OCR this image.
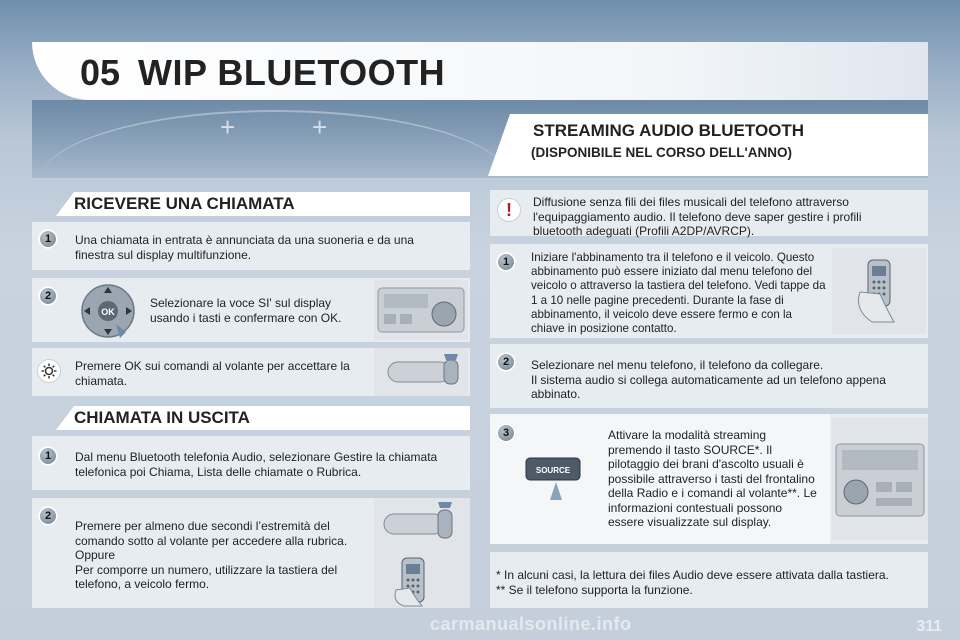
+	+
05 WIP BLUETOOTH
STREAMING AUDIO BLUETOOTH
(DISPONIBILE NEL CORSO DELL'ANNO)
RICEVERE UNA CHIAMATA
1	Una chiamata in entrata è annunciata da una suoneria e da una finestra sul display multifunzione.
2
OK
Selezionare la voce SI' sul display usando i tasti e confermare con OK.
Premere OK sui comandi al volante per accettare la chiamata.
CHIAMATA IN USCITA
1	Dal menu Bluetooth telefonia Audio, selezionare Gestire la chiamata telefonica poi Chiama, Lista delle chiamate o Rubrica.
2
Premere per almeno due secondi l’estremità del comando sotto al volante per accedere alla rubrica.
Oppure
Per comporre un numero, utilizzare la tastiera del telefono, a veicolo fermo.
!	Diffusione senza fili dei files musicali del telefono attraverso l'equipaggiamento audio. Il telefono deve saper gestire i profili bluetooth adeguati (Profili A2DP/AVRCP).
1	Iniziare l'abbinamento tra il telefono e il veicolo. Questo abbinamento può essere iniziato dal menu telefono del veicolo o attraverso la tastiera del telefono. Vedi tappe da 1 a 10 nelle pagine precedenti. Durante la fase di abbinamento, il veicolo deve essere fermo e con la chiave in posizione contatto.
2	Selezionare nel menu telefono, il telefono da collegare.
Il sistema audio si collega automaticamente ad un telefono appena abbinato.
3
SOURCE
Attivare la modalità streaming premendo il tasto SOURCE*. Il pilotaggio dei brani d'ascolto usuali è possibile attraverso i tasti del frontalino della Radio e i comandi al volante**. Le informazioni contestuali possono essere visualizzate sul display.
* In alcuni casi, la lettura dei files Audio deve essere attivata dalla tastiera.
** Se il telefono supporta la funzione.
311
carmanualsonline.info
